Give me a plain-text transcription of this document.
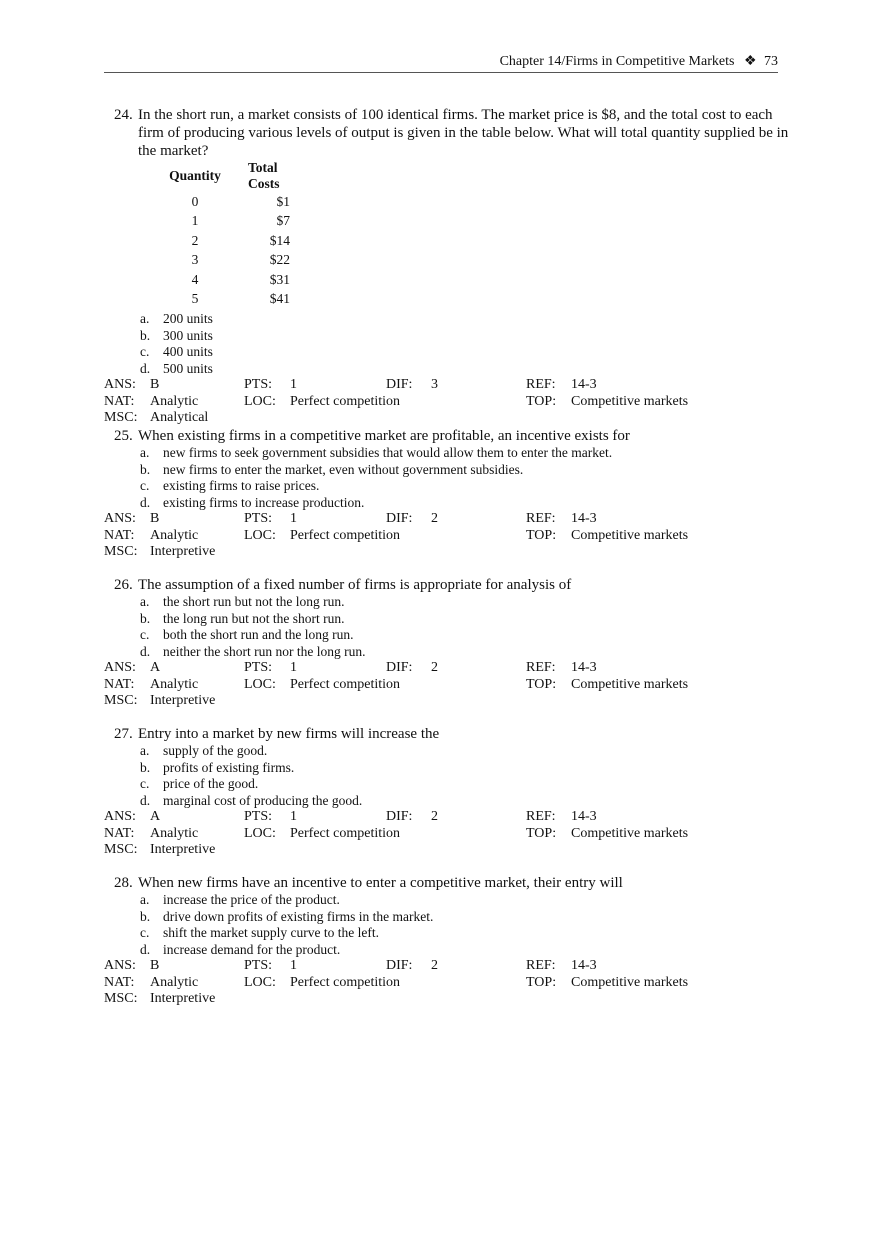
Chapter 14/Firms in Competitive Markets ❖ 73
24. In the short run, a market consists of 100 identical firms. The market price is $8, and the total cost to each firm of producing various levels of output is given in the table below. What will total quantity supplied be in the market?
Quantity	Total Costs
0	$1
1	$7
2	$14
3	$22
4	$31
5	$41
a. 200 units
b. 300 units
c. 400 units
d. 500 units
ANS: B	PTS: 1	DIF: 3	REF: 14-3
NAT: Analytic	LOC: Perfect competition	TOP: Competitive markets
MSC: Analytical
25. When existing firms in a competitive market are profitable, an incentive exists for
a. new firms to seek government subsidies that would allow them to enter the market.
b. new firms to enter the market, even without government subsidies.
c. existing firms to raise prices.
d. existing firms to increase production.
ANS: B	PTS: 1	DIF: 2	REF: 14-3
NAT: Analytic	LOC: Perfect competition	TOP: Competitive markets
MSC: Interpretive
26. The assumption of a fixed number of firms is appropriate for analysis of
a. the short run but not the long run.
b. the long run but not the short run.
c. both the short run and the long run.
d. neither the short run nor the long run.
ANS: A	PTS: 1	DIF: 2	REF: 14-3
NAT: Analytic	LOC: Perfect competition	TOP: Competitive markets
MSC: Interpretive
27. Entry into a market by new firms will increase the
a. supply of the good.
b. profits of existing firms.
c. price of the good.
d. marginal cost of producing the good.
ANS: A	PTS: 1	DIF: 2	REF: 14-3
NAT: Analytic	LOC: Perfect competition	TOP: Competitive markets
MSC: Interpretive
28. When new firms have an incentive to enter a competitive market, their entry will
a. increase the price of the product.
b. drive down profits of existing firms in the market.
c. shift the market supply curve to the left.
d. increase demand for the product.
ANS: B	PTS: 1	DIF: 2	REF: 14-3
NAT: Analytic	LOC: Perfect competition	TOP: Competitive markets
MSC: Interpretive
